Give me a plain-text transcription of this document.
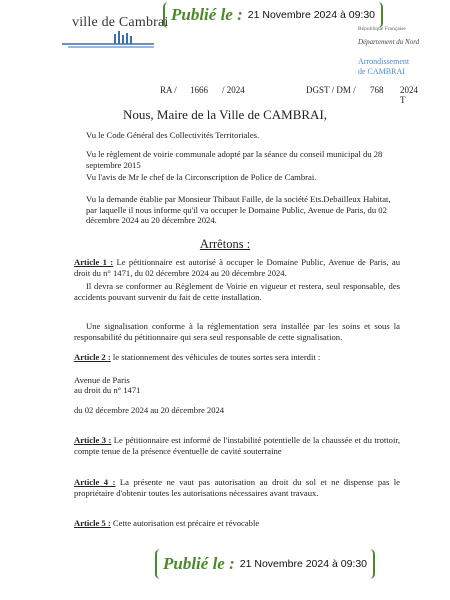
Publié le : 21 Novembre 2024 à 09:30
ville de Cambrai	République Française
Département du Nord
Arrondissement
de CAMBRAI
RA / 1666 / 2024	DGST / DM / 768 2024 T
Nous, Maire de la Ville de CAMBRAI,
Vu le Code Général des Collectivités Territoriales.
Vu le règlement de voirie communale adopté par la séance du conseil municipal du 28 septembre 2015
Vu l'avis de Mr le chef de la Circonscription de Police de Cambrai.
Vu la demande établie par Monsieur Thibaut Faille, de la société Ets.Debailleux Habitat, par laquelle il nous informe qu'il va occuper le Domaine Public, Avenue de Paris, du 02 décembre 2024 au 20 décembre 2024.
Arrêtons :
Article 1 : Le pétitionnaire est autorisé à occuper le Domaine Public, Avenue de Paris, au droit du n° 1471, du 02 décembre 2024 au 20 décembre 2024.
Il devra se conformer au Règlement de Voirie en vigueur et restera, seul responsable, des accidents pouvant survenir du fait de cette installation.
Une signalisation conforme à la réglementation sera installée par les soins et sous la responsabilité du pétitionnaire qui sera seul responsable de cette signalisation.
Article 2 : le stationnement des véhicules de toutes sortes sera interdit :
Avenue de Paris
au droit du n° 1471
du 02 décembre 2024 au 20 décembre 2024
Article 3 : Le pétitionnaire est informé de l'instabilité potentielle de la chaussée et du trottoir, compte tenue de la présence éventuelle de cavité souterraine
Article 4 : La présente ne vaut pas autorisation au droit du sol et ne dispense pas le propriétaire d'obtenir toutes les autorisations nécessaires avant travaux.
Article 5 : Cette autorisation est précaire et révocable
Publié le : 21 Novembre 2024 à 09:30
